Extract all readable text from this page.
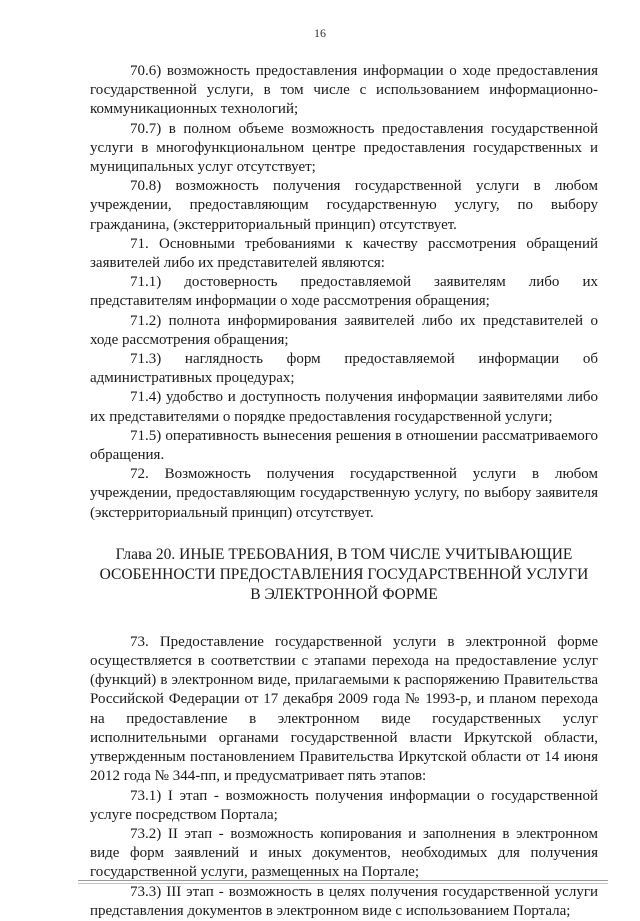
16

70.6) возможность предоставления информации о ходе предоставления государственной услуги, в том числе с использованием информационно-коммуникационных технологий;

70.7) в полном объеме возможность предоставления государственной услуги в многофункциональном центре предоставления государственных и муниципальных услуг отсутствует;

70.8) возможность получения государственной услуги в любом учреждении, предоставляющим государственную услугу, по выбору гражданина, (экстерриториальный принцип) отсутствует.

71. Основными требованиями к качеству рассмотрения обращений заявителей либо их представителей являются:

71.1) достоверность предоставляемой заявителям либо их представителям информации о ходе рассмотрения обращения;

71.2) полнота информирования заявителей либо их представителей о ходе рассмотрения обращения;

71.3) наглядность форм предоставляемой информации об административных процедурах;

71.4) удобство и доступность получения информации заявителями либо их представителями о порядке предоставления государственной услуги;

71.5) оперативность вынесения решения в отношении рассматриваемого обращения.

72. Возможность получения государственной услуги в любом учреждении, предоставляющим государственную услугу, по выбору заявителя (экстерриториальный принцип) отсутствует.

Глава 20. ИНЫЕ ТРЕБОВАНИЯ, В ТОМ ЧИСЛЕ УЧИТЫВАЮЩИЕ ОСОБЕННОСТИ ПРЕДОСТАВЛЕНИЯ ГОСУДАРСТВЕННОЙ УСЛУГИ В ЭЛЕКТРОННОЙ ФОРМЕ

73. Предоставление государственной услуги в электронной форме осуществляется в соответствии с этапами перехода на предоставление услуг (функций) в электронном виде, прилагаемыми к распоряжению Правительства Российской Федерации от 17 декабря 2009 года № 1993-р, и планом перехода на предоставление в электронном виде государственных услуг исполнительными органами государственной власти Иркутской области, утвержденным постановлением Правительства Иркутской области от 14 июня 2012 года № 344-пп, и предусматривает пять этапов:

73.1) I этап - возможность получения информации о государственной услуге посредством Портала;

73.2) II этап - возможность копирования и заполнения в электронном виде форм заявлений и иных документов, необходимых для получения государственной услуги, размещенных на Портале;

73.3) III этап - возможность в целях получения государственной услуги представления документов в электронном виде с использованием Портала;
